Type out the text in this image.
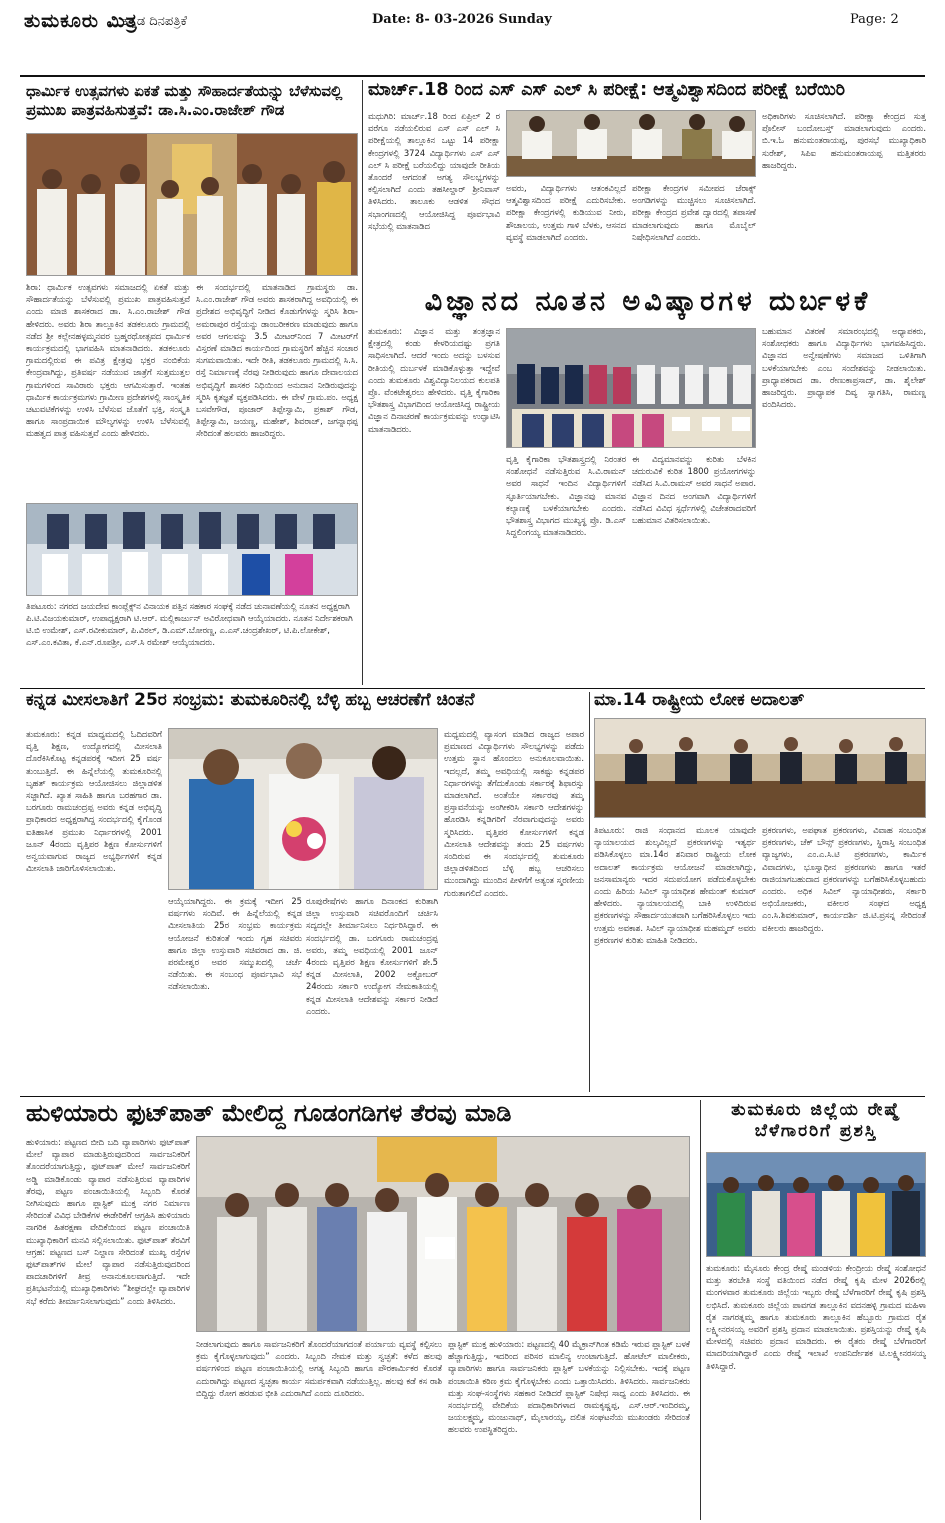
ತುಮಕೂರು ಮಿತ್ರ
ಕನ್ನಡ ದಿನಪತ್ರಿಕೆ	Date: 8- 03-2026 Sunday	Page: 2
ಧಾರ್ಮಿಕ ಉತ್ಸವಗಳು ಏಕತೆ ಮತ್ತು ಸೌಹಾರ್ದತೆಯನ್ನು ಬೆಳೆಸುವಲ್ಲಿ ಪ್ರಮುಖ ಪಾತ್ರವಹಿಸುತ್ತವೆ: ಡಾ.ಸಿ.ಎಂ.ರಾಜೇಶ್ ಗೌಡ
ಶಿರಾ: ಧಾರ್ಮಿಕ ಉತ್ಸವಗಳು ಸಮಾಜದಲ್ಲಿ ಏಕತೆ ಮತ್ತು ಸೌಹಾರ್ದತೆಯನ್ನು ಬೆಳೆಸುವಲ್ಲಿ ಪ್ರಮುಖ ಪಾತ್ರವಹಿಸುತ್ತವೆ ಎಂದು ಮಾಜಿ ಶಾಸಕರಾದ ಡಾ. ಸಿ.ಎಂ.ರಾಜೇಶ್ ಗೌಡ ಹೇಳಿದರು. ಅವರು ಶಿರಾ ತಾಲ್ಲೂಕಿನ ತಡಕಲೂರು ಗ್ರಾಮದಲ್ಲಿ ನಡೆದ ಶ್ರೀ ಕಲ್ಲೇನಹಳ್ಳಮ್ಮನವರ ಬ್ರಹ್ಮರಥೋತ್ಸವದ ಧಾರ್ಮಿಕ ಕಾರ್ಯಕ್ರಮದಲ್ಲಿ ಭಾಗವಹಿಸಿ ಮಾತನಾಡಿದರು. ತಡಕಲೂರು ಗ್ರಾಮದಲ್ಲಿರುವ ಈ ಪವಿತ್ರ ಕ್ಷೇತ್ರವು ಭಕ್ತರ ನಂಬಿಕೆಯ ಕೇಂದ್ರವಾಗಿದ್ದು, ಪ್ರತಿವರ್ಷ ನಡೆಯುವ ಜಾತ್ರೆಗೆ ಸುತ್ತಮುತ್ತಲ ಗ್ರಾಮಗಳಿಂದ ಸಾವಿರಾರು ಭಕ್ತರು ಆಗಮಿಸುತ್ತಾರೆ. ಇಂತಹ ಧಾರ್ಮಿಕ ಕಾರ್ಯಕ್ರಮಗಳು ಗ್ರಾಮೀಣ ಪ್ರದೇಶಗಳಲ್ಲಿ ಸಾಂಸ್ಕೃತಿಕ ಚಟುವಟಿಕೆಗಳನ್ನು ಉಳಿಸಿ ಬೆಳೆಸುವ ಜೊತೆಗೆ ಭಕ್ತಿ, ಸಂಸ್ಕೃತಿ ಹಾಗೂ ಸಾಂಪ್ರದಾಯಿಕ ಮೌಲ್ಯಗಳನ್ನು ಉಳಿಸಿ ಬೆಳೆಸುವಲ್ಲಿ ಮಹತ್ವದ ಪಾತ್ರ ವಹಿಸುತ್ತವೆ ಎಂದು ಹೇಳಿದರು.
ಈ ಸಂದರ್ಭದಲ್ಲಿ ಮಾತನಾಡಿದ ಗ್ರಾಮಸ್ಥರು ಡಾ. ಸಿ.ಎಂ.ರಾಜೇಶ್ ಗೌಡ ಅವರು ಶಾಸಕರಾಗಿದ್ದ ಅವಧಿಯಲ್ಲಿ ಈ ಪ್ರದೇಶದ ಅಭಿವೃದ್ಧಿಗೆ ನೀಡಿದ ಕೊಡುಗೆಗಳನ್ನು ಸ್ಮರಿಸಿ ಶಿರಾ-ಅಮರಾಪುರ ರಸ್ತೆಯನ್ನು ಡಾಂಬರೀಕರಣ ಮಾಡುವುದು ಹಾಗೂ ಅವರ ಆಗಲವನ್ನು 3.5 ಮೀಟರ್‌ನಿಂದ 7 ಮೀಟರ್‌ಗೆ ವಿಸ್ತರಣೆ ಮಾಡಿದ ಕಾರ್ಯದಿಂದ ಗ್ರಾಮಸ್ಥರಿಗೆ ಹೆಚ್ಚಿನ ಸಂಚಾರ ಸುಗಮವಾಯಿತು. ಇದೇ ರೀತಿ, ತಡಕಲೂರು ಗ್ರಾಮದಲ್ಲಿ ಸಿ.ಸಿ. ರಸ್ತೆ ನಿರ್ಮಾಣಕ್ಕೆ ನೆರವು ನೀಡಿರುವುದು ಹಾಗೂ ದೇವಾಲಯದ ಅಭಿವೃದ್ಧಿಗೆ ಶಾಸಕರ ನಿಧಿಯಿಂದ ಅನುದಾನ ನೀಡಿರುವುದನ್ನು ಸ್ಮರಿಸಿ ಕೃತಜ್ಞತೆ ವ್ಯಕ್ತಪಡಿಸಿದರು. ಈ ವೇಳೆ ಗ್ರಾಮ.ಪಂ. ಅಧ್ಯಕ್ಷ ಬಸವೇಗೌಡ, ಪೂಜಾರ್ ತಿಪ್ಪೇಸ್ವಾಮಿ, ಪ್ರಕಾಶ್ ಗೌಡ, ತಿಪ್ಪೇಸ್ವಾಮಿ, ಜಯಣ್ಣ, ಮಹೇಶ್, ಶಿವರಾಜ್, ಜಗನ್ನಾಥಪ್ಪ ಸೇರಿದಂತೆ ಹಲವರು ಹಾಜರಿದ್ದರು.
ತಿಪಟೂರು: ನಗರದ ಜಯದೇವ ಕಾಂಪ್ಲೆಕ್ಸ್‌ನ ವಿನಾಯಕ ಪತ್ತಿನ ಸಹಕಾರ ಸಂಘಕ್ಕೆ ನಡೆದ ಚುನಾವಣೆಯಲ್ಲಿ ನೂತನ ಅಧ್ಯಕ್ಷರಾಗಿ ಪಿ.ಟಿ.ವಿಜಯಕುಮಾರ್, ಉಪಾಧ್ಯಕ್ಷರಾಗಿ ಟಿ.ಆರ್. ಮಲ್ಲಿಕಾರ್ಜುನ್ ಅವಿರೋಧವಾಗಿ ಆಯ್ಕೆಯಾದರು. ನೂತನ ನಿರ್ದೇಶಕರಾಗಿ ಟಿ.ಬಿ ಉಮೇಶ್, ಎಸ್.ರವೀಕುಮಾರ್, ಪಿ.ವಿಠಲ್, ಡಿ.ಎಮ್.ಬೋರಣ್ಣ, ಎ.ಎಸ್.ಚಂದ್ರಶೇಖರ್, ಟಿ.ಪಿ.ಲೋಕೇಶ್, ಎಸ್.ಎಂ.ಕವಿತಾ, ಕೆ.ಎನ್.ರೂಪಶ್ರೀ, ಎಸ್.ಸಿ ರಮೇಶ್ ಆಯ್ಕೆಯಾದರು.
ಮಾರ್ಚ್.18 ರಿಂದ ಎಸ್ ಎಸ್ ಎಲ್ ಸಿ ಪರೀಕ್ಷೆ: ಆತ್ಮವಿಶ್ವಾಸದಿಂದ ಪರೀಕ್ಷೆ ಬರೆಯಿರಿ
ಮಧುಗಿರಿ: ಮಾರ್ಚ್.18 ರಿಂದ ಏಪ್ರಿಲ್ 2 ರ ವರೆಗೂ ನಡೆಯಲಿರುವ ಎಸ್ ಎಸ್ ಎಲ್ ಸಿ ಪರೀಕ್ಷೆಯಲ್ಲಿ ತಾಲ್ಲೂಕಿನ ಒಟ್ಟು 14 ಪರೀಕ್ಷಾ ಕೇಂದ್ರಗಳಲ್ಲಿ 3724 ವಿದ್ಯಾರ್ಥಿಗಳು ಎಸ್ ಎಸ್ ಎಲ್ ಸಿ ಪರೀಕ್ಷೆ ಬರೆಯಲಿದ್ದು ಯಾವುದೇ ರೀತಿಯ ತೊಂದರೆ ಆಗದಂತೆ ಅಗತ್ಯ ಸೌಲಭ್ಯಗಳನ್ನು ಕಲ್ಪಿಸಲಾಗಿದೆ ಎಂದು ತಹಸೀಲ್ದಾರ್ ಶ್ರೀನಿವಾಸ್ ತಿಳಿಸಿದರು. ತಾಲೂಕು ಆಡಳಿತ ಸೌಧದ ಸಭಾಂಗಣದಲ್ಲಿ ಆಯೋಜಿಸಿದ್ದ ಪೂರ್ವಭಾವಿ ಸಭೆಯಲ್ಲಿ ಮಾತನಾಡಿದ
ಅವರು, ವಿದ್ಯಾರ್ಥಿಗಳು ಆತಂಕವಿಲ್ಲದೆ ಆತ್ಮವಿಶ್ವಾಸದಿಂದ ಪರೀಕ್ಷೆ ಎದುರಿಸಬೇಕು. ಪರೀಕ್ಷಾ ಕೇಂದ್ರಗಳಲ್ಲಿ ಕುಡಿಯುವ ನೀರು, ಶೌಚಾಲಯ, ಉತ್ತಮ ಗಾಳಿ ಬೆಳಕು, ಆಸನದ ವ್ಯವಸ್ಥೆ ಮಾಡಲಾಗಿದೆ ಎಂದರು.
ಪರೀಕ್ಷಾ ಕೇಂದ್ರಗಳ ಸಮೀಪದ ಜೆರಾಕ್ಸ್ ಅಂಗಡಿಗಳನ್ನು ಮುಚ್ಚಿಸಲು ಸೂಚಿಸಲಾಗಿದೆ. ಪರೀಕ್ಷಾ ಕೇಂದ್ರದ ಪ್ರವೇಶ ದ್ವಾರದಲ್ಲಿ ತಪಾಸಣೆ ಮಾಡಲಾಗುವುದು ಹಾಗೂ ಮೊಬೈಲ್ ನಿಷೇಧಿಸಲಾಗಿದೆ ಎಂದರು.
ಅಧಿಕಾರಿಗಳು ಸೂಚಿಸಲಾಗಿದೆ. ಪರೀಕ್ಷಾ ಕೇಂದ್ರದ ಸುತ್ತ ಪೊಲೀಸ್ ಬಂದೋಬಸ್ತ್ ಮಾಡಲಾಗುವುದು ಎಂದರು. ಬಿ.ಇ.ಓ ಹನುಮಂತರಾಯಪ್ಪ, ಪುರಸಭೆ ಮುಖ್ಯಾಧಿಕಾರಿ ಸುರೇಶ್, ಸಿಪಿಐ ಹನುಮಂತರಾಯಪ್ಪ ಮತ್ತಿತರರು ಹಾಜರಿದ್ದರು.
ವಿಜ್ಞಾನದ ನೂತನ ಅವಿಷ್ಕಾರಗಳ ದುರ್ಬಳಕೆ
ತುಮಕೂರು: ವಿಜ್ಞಾನ ಮತ್ತು ತಂತ್ರಜ್ಞಾನ ಕ್ಷೇತ್ರದಲ್ಲಿ ಕಂಡು ಕೇಳರಿಯದಷ್ಟು ಪ್ರಗತಿ ಸಾಧಿಸಲಾಗಿದೆ. ಆದರೆ ಇಂದು ಅದನ್ನು ಬಳಸುವ ರೀತಿಯಲ್ಲಿ ದುರ್ಬಳಕೆ ಮಾಡಿಕೊಳ್ಳುತ್ತಾ ಇದ್ದೇವೆ ಎಂದು ತುಮಕೂರು ವಿಶ್ವವಿದ್ಯಾನಿಲಯದ ಕುಲಪತಿ ಪ್ರೊ. ವೆಂಕಟೇಶ್ವರಲು ಹೇಳಿದರು. ವೃತ್ತಿ ಕೈಗಾರಿಕಾ ಭೌತಶಾಸ್ತ್ರ ವಿಭಾಗದಿಂದ ಆಯೋಜಿಸಿದ್ದ ರಾಷ್ಟ್ರೀಯ ವಿಜ್ಞಾನ ದಿನಾಚರಣೆ ಕಾರ್ಯಕ್ರಮವನ್ನು ಉದ್ಘಾಟಿಸಿ ಮಾತನಾಡಿದರು.
ವೃತ್ತಿ ಕೈಗಾರಿಕಾ ಭೌತಶಾಸ್ತ್ರದಲ್ಲಿ ನಿರಂತರ ಸಂಶೋಧನೆ ನಡೆಸುತ್ತಿರುವ ಸಿ.ವಿ.ರಾಮನ್ ಅವರ ಸಾಧನೆ ಇಂದಿನ ವಿದ್ಯಾರ್ಥಿಗಳಿಗೆ ಸ್ಫೂರ್ತಿಯಾಗಬೇಕು. ವಿಜ್ಞಾನವು ಮಾನವ ಕಲ್ಯಾಣಕ್ಕೆ ಬಳಕೆಯಾಗಬೇಕು ಎಂದರು. ಭೌತಶಾಸ್ತ್ರ ವಿಭಾಗದ ಮುಖ್ಯಸ್ಥ ಪ್ರೊ. ಡಿ.ಎಸ್ ಸಿದ್ದಲಿಂಗಯ್ಯ ಮಾತನಾಡಿದರು.
ಈ ವಿದ್ಯಮಾನವನ್ನು ಕುರಿತು ಬೆಳಕಿನ ಚದುರುವಿಕೆ ಕುರಿತ 1800 ಪ್ರಯೋಗಗಳನ್ನು ನಡೆಸಿದ ಸಿ.ವಿ.ರಾಮನ್ ಅವರ ಸಾಧನೆ ಅಪಾರ. ವಿಜ್ಞಾನ ದಿನದ ಅಂಗವಾಗಿ ವಿದ್ಯಾರ್ಥಿಗಳಿಗೆ ನಡೆಸಿದ ವಿವಿಧ ಸ್ಪರ್ಧೆಗಳಲ್ಲಿ ವಿಜೇತರಾದವರಿಗೆ ಬಹುಮಾನ ವಿತರಿಸಲಾಯಿತು.
ಬಹುಮಾನ ವಿತರಣೆ ಸಮಾರಂಭದಲ್ಲಿ ಅಧ್ಯಾಪಕರು, ಸಂಶೋಧಕರು ಹಾಗೂ ವಿದ್ಯಾರ್ಥಿಗಳು ಭಾಗವಹಿಸಿದ್ದರು. ವಿಜ್ಞಾನದ ಅನ್ವೇಷಣೆಗಳು ಸಮಾಜದ ಒಳಿತಿಗಾಗಿ ಬಳಕೆಯಾಗಬೇಕು ಎಂಬ ಸಂದೇಶವನ್ನು ನೀಡಲಾಯಿತು. ಪ್ರಾಧ್ಯಾಪಕರಾದ ಡಾ. ರೇಣುಕಾಪ್ರಸಾದ್, ಡಾ. ಶೈಲೇಶ್ ಹಾಜರಿದ್ದರು. ಪ್ರಾಧ್ಯಾಪಕ ದಿವ್ಯ ಸ್ವಾಗತಿಸಿ, ರಾಮಣ್ಣ ವಂದಿಸಿದರು.
ಕನ್ನಡ ಮೀಸಲಾತಿಗೆ 25ರ ಸಂಭ್ರಮ: ತುಮಕೂರಿನಲ್ಲಿ ಬೆಳ್ಳಿ ಹಬ್ಬ ಆಚರಣೆಗೆ ಚಿಂತನೆ
ತುಮಕೂರು: ಕನ್ನಡ ಮಾಧ್ಯಮದಲ್ಲಿ ಓದಿದವರಿಗೆ ವೃತ್ತಿ ಶಿಕ್ಷಣ, ಉದ್ಯೋಗದಲ್ಲಿ ಮೀಸಲಾತಿ ದೊರೆಕಿಸಿಕೊಟ್ಟ ಕನ್ನಡಪರಕ್ಕೆ ಇದೀಗ 25 ವರ್ಷ ತುಂಬುತ್ತಿದೆ. ಈ ಹಿನ್ನೆಲೆಯಲ್ಲಿ ತುಮಕೂರಿನಲ್ಲಿ ಬೃಹತ್ ಕಾರ್ಯಕ್ರಮ ಆಯೋಜಿಸಲು ಜಿಲ್ಲಾಡಳಿತ ಸಜ್ಜಾಗಿದೆ. ಖ್ಯಾತ ಸಾಹಿತಿ ಹಾಗೂ ಬರಹಗಾರ ಡಾ. ಬರಗೂರು ರಾಮಚಂದ್ರಪ್ಪ ಅವರು ಕನ್ನಡ ಅಭಿವೃದ್ಧಿ ಪ್ರಾಧಿಕಾರದ ಅಧ್ಯಕ್ಷರಾಗಿದ್ದ ಸಂದರ್ಭದಲ್ಲಿ ಕೈಗೊಂಡ ಐತಿಹಾಸಿಕ ಪ್ರಮುಖ ನಿರ್ಧಾರಗಳಲ್ಲಿ 2001 ಜೂನ್ 4ರಂದು ವೃತ್ತಿಪರ ಶಿಕ್ಷಣ ಕೋರ್ಸುಗಳಿಗೆ ಅನ್ವಯವಾಗುವ ರಾಜ್ಯದ ಅಭ್ಯರ್ಥಿಗಳಿಗೆ ಕನ್ನಡ ಮೀಸಲಾತಿ ಜಾರಿಗೊಳಿಸಲಾಯಿತು.
ಆಯ್ಕೆಯಾಗಿದ್ದರು. ಈ ಕ್ರಮಕ್ಕೆ ಇದೀಗ 25 ವರ್ಷಗಳು ಸಂದಿವೆ. ಈ ಹಿನ್ನೆಲೆಯಲ್ಲಿ ಕನ್ನಡ ಮೀಸಲಾತಿಯ 25ರ ಸಂಭ್ರಮ ಕಾರ್ಯಕ್ರಮ ಆಯೋಜನೆ ಕುರಿತಂತೆ ಇಂದು ಗೃಹ ಸಚಿವರು ಹಾಗೂ ಜಿಲ್ಲಾ ಉಸ್ತುವಾರಿ ಸಚಿವರಾದ ಡಾ. ಜಿ. ಪರಮೇಶ್ವರ ಅವರ ಸಮ್ಮುಖದಲ್ಲಿ ಚರ್ಚೆ ನಡೆಯಿತು. ಈ ಸಂಬಂಧ ಪೂರ್ವಭಾವಿ ಸಭೆ ನಡೆಸಲಾಯಿತು.
ರೂಪುರೇಷೆಗಳು ಹಾಗೂ ದಿನಾಂಕದ ಕುರಿತಾಗಿ ಜಿಲ್ಲಾ ಉಸ್ತುವಾರಿ ಸಚಿವರೊಂದಿಗೆ ಚರ್ಚಿಸಿ ಸದ್ಯದಲ್ಲೇ ತೀರ್ಮಾನಿಸಲು ನಿರ್ಧರಿಸಿದ್ದಾರೆ. ಈ ಸಂದರ್ಭದಲ್ಲಿ ಡಾ. ಬರಗೂರು ರಾಮಚಂದ್ರಪ್ಪ ಅವರು, ತಮ್ಮ ಅವಧಿಯಲ್ಲಿ 2001 ಜೂನ್ 4ರಂದು ವೃತ್ತಿಪರ ಶಿಕ್ಷಣ ಕೋರ್ಸುಗಳಿಗೆ ಶೇ.5 ಕನ್ನಡ ಮೀಸಲಾತಿ, 2002 ಅಕ್ಟೋಬರ್ 24ರಂದು ಸರ್ಕಾರಿ ಉದ್ಯೋಗ ನೇಮಕಾತಿಯಲ್ಲಿ ಕನ್ನಡ ಮೀಸಲಾತಿ ಆದೇಶವನ್ನು ಸರ್ಕಾರ ನೀಡಿದೆ ಎಂದರು.
ಮಧ್ಯಮದಲ್ಲಿ ವ್ಯಾಸಂಗ ಮಾಡಿದ ರಾಜ್ಯದ ಅಪಾರ ಪ್ರಮಾಣದ ವಿದ್ಯಾರ್ಥಿಗಳು ಸೌಲಭ್ಯಗಳನ್ನು ಪಡೆದು ಉತ್ತಮ ಸ್ಥಾನ ಹೊಂದಲು ಅನುಕೂಲವಾಯಿತು. ಇದಲ್ಲದೆ, ತಮ್ಮ ಅವಧಿಯಲ್ಲಿ ಸಾಕಷ್ಟು ಕನ್ನಡಪರ ನಿರ್ಧಾರಗಳನ್ನು ತೆಗೆದುಕೊಂಡು ಸರ್ಕಾರಕ್ಕೆ ಶಿಫಾರಸ್ಸು ಮಾಡಲಾಗಿದೆ. ಅಂತೆಯೇ ಸರ್ಕಾರವು ತಮ್ಮ ಪ್ರಸ್ತಾವನೆಯನ್ನು ಅಂಗೀಕರಿಸಿ ಸರ್ಕಾರಿ ಆದೇಶಗಳನ್ನು ಹೊರಡಿಸಿ ಕನ್ನಡಿಗರಿಗೆ ನೆರವಾಗುವುದನ್ನು ಅವರು ಸ್ಮರಿಸಿದರು. ವೃತ್ತಿಪರ ಕೋರ್ಸುಗಳಿಗೆ ಕನ್ನಡ ಮೀಸಲಾತಿ ಆದೇಶವನ್ನು ತಂದು 25 ವರ್ಷಗಳು ಸಂದಿರುವ ಈ ಸಂದರ್ಭದಲ್ಲಿ ತುಮಕೂರು ಜಿಲ್ಲಾಡಳಿತದಿಂದ ಬೆಳ್ಳಿ ಹಬ್ಬ ಆಚರಿಸಲು ಮುಂದಾಗಿದ್ದು ಮುಂದಿನ ಪೀಳಿಗೆಗೆ ಅತ್ಯಂತ ಸ್ಮರಣೀಯ ಗುರುತಾಗಲಿದೆ ಎಂದರು.
ಮಾ.14 ರಾಷ್ಟ್ರೀಯ ಲೋಕ ಅದಾಲತ್
ತಿಪಟೂರು: ರಾಜಿ ಸಂಧಾನದ ಮೂಲಕ ಯಾವುದೇ ನ್ಯಾಯಾಲಯದ ಶುಲ್ಕವಿಲ್ಲದೆ ಪ್ರಕರಣಗಳನ್ನು ಇತ್ಯರ್ಥ ಪಡಿಸಿಕೊಳ್ಳಲು ಮಾ.14ರ ಶನಿವಾರ ರಾಷ್ಟ್ರೀಯ ಲೋಕ ಅದಾಲತ್ ಕಾರ್ಯಕ್ರಮ ಆಯೋಜನೆ ಮಾಡಲಾಗಿದ್ದು, ಜನಸಾಮಾನ್ಯರು ಇದರ ಸದುಪಯೋಗ ಪಡೆದುಕೊಳ್ಳಬೇಕು ಎಂದು ಹಿರಿಯ ಸಿವಿಲ್ ನ್ಯಾಯಾಧೀಶ ಹೇಮಂತ್ ಕುಮಾರ್ ಹೇಳಿದರು. ನ್ಯಾಯಾಲಯದಲ್ಲಿ ಬಾಕಿ ಉಳಿದಿರುವ ಪ್ರಕರಣಗಳನ್ನು ಸೌಹಾರ್ದಯುತವಾಗಿ ಬಗೆಹರಿಸಿಕೊಳ್ಳಲು ಇದು ಉತ್ತಮ ಅವಕಾಶ. ಸಿವಿಲ್ ನ್ಯಾಯಾಧೀಶ ಮಹಮ್ಮದ್ ಅವರು ಪ್ರಕರಣಗಳ ಕುರಿತು ಮಾಹಿತಿ ನೀಡಿದರು.
ಪ್ರಕರಣಗಳು, ಅಪಘಾತ ಪ್ರಕರಣಗಳು, ವಿವಾಹ ಸಂಬಂಧಿತ ಪ್ರಕರಣಗಳು, ಚೆಕ್ ಬೌನ್ಸ್ ಪ್ರಕರಣಗಳು, ಸ್ಥಿರಾಸ್ತಿ ಸಂಬಂಧಿತ ವ್ಯಾಜ್ಯಗಳು, ಎಂ.ಎ.ಸಿ.ಟಿ ಪ್ರಕರಣಗಳು, ಕಾರ್ಮಿಕ ವಿವಾದಗಳು, ಭೂಸ್ವಾಧೀನ ಪ್ರಕರಣಗಳು ಹಾಗೂ ಇತರೆ ರಾಜಿಯಾಗಬಹುದಾದ ಪ್ರಕರಣಗಳನ್ನು ಬಗೆಹರಿಸಿಕೊಳ್ಳಬಹುದು ಎಂದರು. ಅಧಿಕ ಸಿವಿಲ್ ನ್ಯಾಯಾಧೀಶರು, ಸರ್ಕಾರಿ ಅಭಿಯೋಜಕರು, ವಕೀಲರ ಸಂಘದ ಅಧ್ಯಕ್ಷ ಎಂ.ಸಿ.ಶಿವಕುಮಾರ್, ಕಾರ್ಯದರ್ಶಿ ಜಿ.ಟಿ.ಪ್ರಸನ್ನ ಸೇರಿದಂತೆ ವಕೀಲರು ಹಾಜರಿದ್ದರು.
ಹುಳಿಯಾರು ಫುಟ್‌ಪಾತ್ ಮೇಲಿದ್ದ ಗೂಡಂಗಡಿಗಳ ತೆರವು ಮಾಡಿ
ಹುಳಿಯಾರು: ಪಟ್ಟಣದ ಬೀದಿ ಬದಿ ವ್ಯಾಪಾರಿಗಳು ಫುಟ್‌ಪಾತ್ ಮೇಲೆ ವ್ಯಾಪಾರ ಮಾಡುತ್ತಿರುವುದರಿಂದ ಸಾರ್ವಜನಿಕರಿಗೆ ತೊಂದರೆಯಾಗುತ್ತಿದ್ದು, ಫುಟ್‌ಪಾತ್ ಮೇಲೆ ಸಾರ್ವಜನಿಕರಿಗೆ ಅಡ್ಡಿ ಮಾಡಿಕೊಂಡು ವ್ಯಾಪಾರ ನಡೆಸುತ್ತಿರುವ ವ್ಯಾಪಾರಿಗಳ ತೆರವು, ಪಟ್ಟಣ ಪಂಚಾಯಿತಿಯಲ್ಲಿ ಸಿಬ್ಬಂದಿ ಕೊರತೆ ನೀಗಿಸುವುದು ಹಾಗೂ ಪ್ಲಾಸ್ಟಿಕ್ ಮುಕ್ತ ನಗರ ನಿರ್ಮಾಣ ಸೇರಿದಂತೆ ವಿವಿಧ ಬೇಡಿಕೆಗಳ ಈಡೇರಿಕೆಗೆ ಆಗ್ರಹಿಸಿ ಹುಳಿಯಾರು ನಾಗರಿಕ ಹಿತರಕ್ಷಣಾ ವೇದಿಕೆಯಿಂದ ಪಟ್ಟಣ ಪಂಚಾಯಿತಿ ಮುಖ್ಯಾಧಿಕಾರಿಗೆ ಮನವಿ ಸಲ್ಲಿಸಲಾಯಿತು. ಫುಟ್‌ಪಾತ್ ತೆರವಿಗೆ ಆಗ್ರಹ: ಪಟ್ಟಣದ ಬಸ್ ನಿಲ್ದಾಣ ಸೇರಿದಂತೆ ಮುಖ್ಯ ರಸ್ತೆಗಳ ಫುಟ್‌ಪಾತ್‌ಗಳ ಮೇಲೆ ವ್ಯಾಪಾರ ನಡೆಸುತ್ತಿರುವುದರಿಂದ ಪಾದಚಾರಿಗಳಿಗೆ ತೀವ್ರ ಅನಾನುಕೂಲವಾಗುತ್ತಿದೆ. ಇದೇ ಪ್ರತಿಭಟನೆಯಲ್ಲಿ ಮುಖ್ಯಾಧಿಕಾರಿಗಳು “ಶೀಘ್ರದಲ್ಲೇ ವ್ಯಾಪಾರಿಗಳ ಸಭೆ ಕರೆದು ತೀರ್ಮಾನಿಸಲಾಗುವುದು” ಎಂದು ತಿಳಿಸಿದರು.
ನೀಡಲಾಗುವುದು ಹಾಗೂ ಸಾರ್ವಜನಿಕರಿಗೆ ತೊಂದರೆಯಾಗದಂತೆ ಪರ್ಯಾಯ ವ್ಯವಸ್ಥೆ ಕಲ್ಪಿಸಲು ಕ್ರಮ ಕೈಗೊಳ್ಳಲಾಗುವುದು” ಎಂದರು. ಸಿಬ್ಬಂದಿ ನೇಮಕ ಮತ್ತು ಸ್ವಚ್ಛತೆ: ಕಳೆದ ಹಲವು ವರ್ಷಗಳಿಂದ ಪಟ್ಟಣ ಪಂಚಾಯಿತಿಯಲ್ಲಿ ಅಗತ್ಯ ಸಿಬ್ಬಂದಿ ಹಾಗೂ ಪೌರಕಾರ್ಮಿಕರ ಕೊರತೆ ಎದುರಾಗಿದ್ದು ಪಟ್ಟಣದ ಸ್ವಚ್ಛತಾ ಕಾರ್ಯ ಸಮರ್ಪಕವಾಗಿ ನಡೆಯುತ್ತಿಲ್ಲ. ಹಲವು ಕಡೆ ಕಸ ರಾಶಿ ಬಿದ್ದಿದ್ದು ರೋಗ ಹರಡುವ ಭೀತಿ ಎದುರಾಗಿದೆ ಎಂದು ದೂರಿದರು.
ಪ್ಲಾಸ್ಟಿಕ್ ಮುಕ್ತ ಹುಳಿಯಾರು: ಪಟ್ಟಣದಲ್ಲಿ 40 ಮೈಕ್ರಾನ್‌ಗಿಂತ ಕಡಿಮೆ ಇರುವ ಪ್ಲಾಸ್ಟಿಕ್ ಬಳಕೆ ಹೆಚ್ಚಾಗುತ್ತಿದ್ದು, ಇದರಿಂದ ಪರಿಸರ ಮಾಲಿನ್ಯ ಉಂಟಾಗುತ್ತಿದೆ. ಹೋಟೆಲ್ ಮಾಲೀಕರು, ವ್ಯಾಪಾರಿಗಳು ಹಾಗೂ ಸಾರ್ವಜನಿಕರು ಪ್ಲಾಸ್ಟಿಕ್ ಬಳಕೆಯನ್ನು ನಿಲ್ಲಿಸಬೇಕು. ಇದಕ್ಕೆ ಪಟ್ಟಣ ಪಂಚಾಯಿತಿ ಕಠಿಣ ಕ್ರಮ ಕೈಗೊಳ್ಳಬೇಕು ಎಂದು ಒತ್ತಾಯಿಸಿದರು. ತಿಳಿಸಿದರು. ಸಾರ್ವಜನಿಕರು ಮತ್ತು ಸಂಘ-ಸಂಸ್ಥೆಗಳು ಸಹಕಾರ ನೀಡಿದರೆ ಪ್ಲಾಸ್ಟಿಕ್ ನಿಷೇಧ ಸಾಧ್ಯ ಎಂದು ತಿಳಿಸಿದರು. ಈ ಸಂದರ್ಭದಲ್ಲಿ ವೇದಿಕೆಯ ಪದಾಧಿಕಾರಿಗಳಾದ ರಾಮಕೃಷ್ಣಪ್ಪ, ಎಸ್.ಆರ್.ಇಂದಿರಮ್ಮ, ಜಯಲಕ್ಷ್ಮಮ್ಮ, ಮಂಜುನಾಥ್, ಮೈಲಾರಯ್ಯ, ದಲಿತ ಸಂಘಟನೆಯ ಮುಖಂಡರು ಸೇರಿದಂತೆ ಹಲವರು ಉಪಸ್ಥಿತರಿದ್ದರು.
ತುಮಕೂರು ಜಿಲ್ಲೆಯ ರೇಷ್ಮೆ ಬೆಳೆಗಾರರಿಗೆ ಪ್ರಶಸ್ತಿ
ತುಮಕೂರು: ಮೈಸೂರು ಕೇಂದ್ರ ರೇಷ್ಮೆ ಮಂಡಳಿಯ ಕೇಂದ್ರೀಯ ರೇಷ್ಮೆ ಸಂಶೋಧನೆ ಮತ್ತು ತರಬೇತಿ ಸಂಸ್ಥೆ ವತಿಯಿಂದ ನಡೆದ ರೇಷ್ಮೆ ಕೃಷಿ ಮೇಳ 2026ರಲ್ಲಿ ಮಂಗಳವಾರ ತುಮಕೂರು ಜಿಲ್ಲೆಯ ಇಬ್ಬರು ರೇಷ್ಮೆ ಬೆಳೆಗಾರರಿಗೆ ರೇಷ್ಮೆ ಕೃಷಿ ಪ್ರಶಸ್ತಿ ಲಭಿಸಿದೆ. ತುಮಕೂರು ಜಿಲ್ಲೆಯ ಪಾವಗಡ ತಾಲ್ಲೂಕಿನ ವದನಹಳ್ಳಿ ಗ್ರಾಮದ ಮಹಿಳಾ ರೈತ ನಾಗರತ್ನಮ್ಮ ಹಾಗೂ ತುಮಕೂರು ತಾಲ್ಲೂಕಿನ ಹೆಬ್ಬೂರು ಗ್ರಾಮದ ರೈತ ಲಕ್ಷ್ಮೀನರಸಯ್ಯ ಅವರಿಗೆ ಪ್ರಶಸ್ತಿ ಪ್ರದಾನ ಮಾಡಲಾಯಿತು. ಪ್ರಶಸ್ತಿಯನ್ನು ರೇಷ್ಮೆ ಕೃಷಿ ಮೇಳದಲ್ಲಿ ಸಚಿವರು ಪ್ರದಾನ ಮಾಡಿದರು. ಈ ರೈತರು ರೇಷ್ಮೆ ಬೆಳೆಗಾರರಿಗೆ ಮಾದರಿಯಾಗಿದ್ದಾರೆ ಎಂದು ರೇಷ್ಮೆ ಇಲಾಖೆ ಉಪನಿರ್ದೇಶಕ ಟಿ.ಲಕ್ಷ್ಮೀನರಸಯ್ಯ ತಿಳಿಸಿದ್ದಾರೆ.
